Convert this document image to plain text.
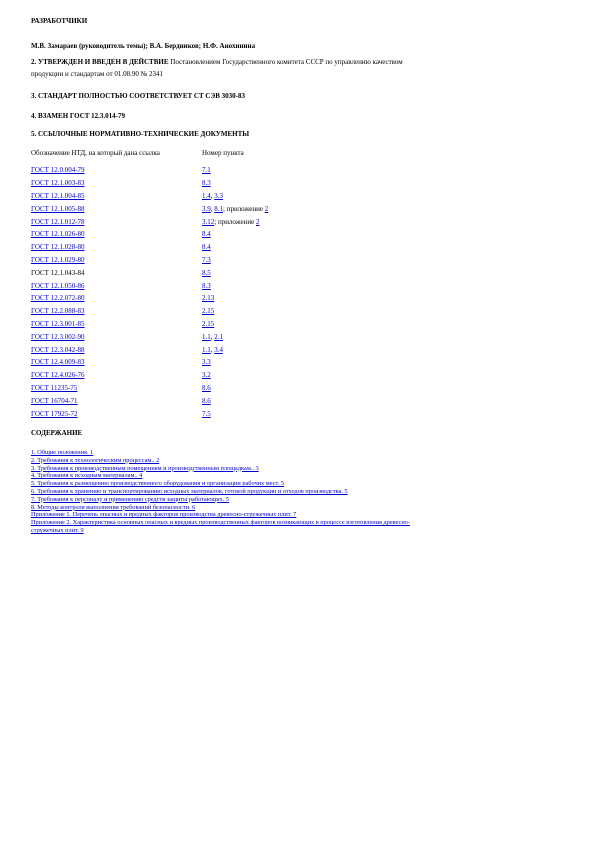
РАЗРАБОТЧИКИ
М.В. Замараев (руководитель темы); В.А. Бердников; Н.Ф. Анохинина
2. УТВЕРЖДЕН И ВВЕДЕН В ДЕЙСТВИЕ Постановлением Государственного комитета СССР по управлению качеством
продукции и стандартам от 01.08.90 № 2341
3. СТАНДАРТ ПОЛНОСТЬЮ СООТВЕТСТВУЕТ СТ СЭВ 3030-83
4. ВЗАМЕН ГОСТ 12.3.014-79
5. ССЫЛОЧНЫЕ НОРМАТИВНО-ТЕХНИЧЕСКИЕ ДОКУМЕНТЫ
Обозначение НТД, на который дана ссылка	Номер пункта
ГОСТ 12.0.004-79	7.1
ГОСТ 12.1.003-83	8.3
ГОСТ 12.1.004-85	1.4, 3.3
ГОСТ 12.1.005-88	3.9, 8.1; приложение 2
ГОСТ 12.1.012-78	3.12; приложение 2
ГОСТ 12.1.026-80	8.4
ГОСТ 12.1.028-80	8.4
ГОСТ 12.1.029-80	7.3
ГОСТ 12.1.043-84	8.5
ГОСТ 12.1.050-86	8.3
ГОСТ 12.2.072-80	2.13
ГОСТ 12.2.088-83	2.15
ГОСТ 12.3.001-85	2.15
ГОСТ 12.3.002-90	1.1, 2.1
ГОСТ 12.3.042-88	1.1, 3.4
ГОСТ 12.4.009-83	3.3
ГОСТ 12.4.026-76	3.2
ГОСТ 11235-75	8.6
ГОСТ 16704-71	8.6
ГОСТ 17925-72	7.5
СОДЕРЖАНИЕ
1. Общие положения. 1
2. Требования к технологическим процессам.. 2
3. Требования к производственным помещениям и производственным площадкам.. 3
4. Требования к исходным материалам.. 4
5. Требования к размещению производственного оборудования и организации рабочих мест. 5
6. Требования к хранению и транспортированию исходных материалов, готовой продукции и отходов производства. 5
7. Требования к персоналу и применению средств защиты работающих. 5
8. Методы контроля выполнения требований безопасности. 6
Приложение 1. Перечень опасных и вредных факторов производства древесно-стружечных плит. 7
Приложение 2. Характеристика основных опасных и вредных производственных факторов возникающих в процессе изготовления древесно-
стружечных плит. 9
